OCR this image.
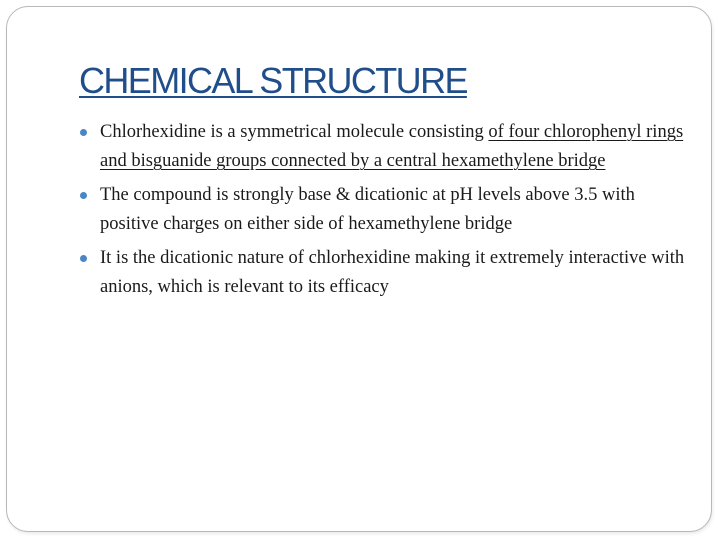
CHEMICAL STRUCTURE
Chlorhexidine is a symmetrical molecule consisting of four chlorophenyl rings and bisguanide groups connected by a central hexamethylene bridge
The compound is strongly base & dicationic at pH levels above 3.5 with positive charges on either side of hexamethylene bridge
It is the dicationic nature of chlorhexidine making it extremely interactive with anions, which is relevant to its efficacy
